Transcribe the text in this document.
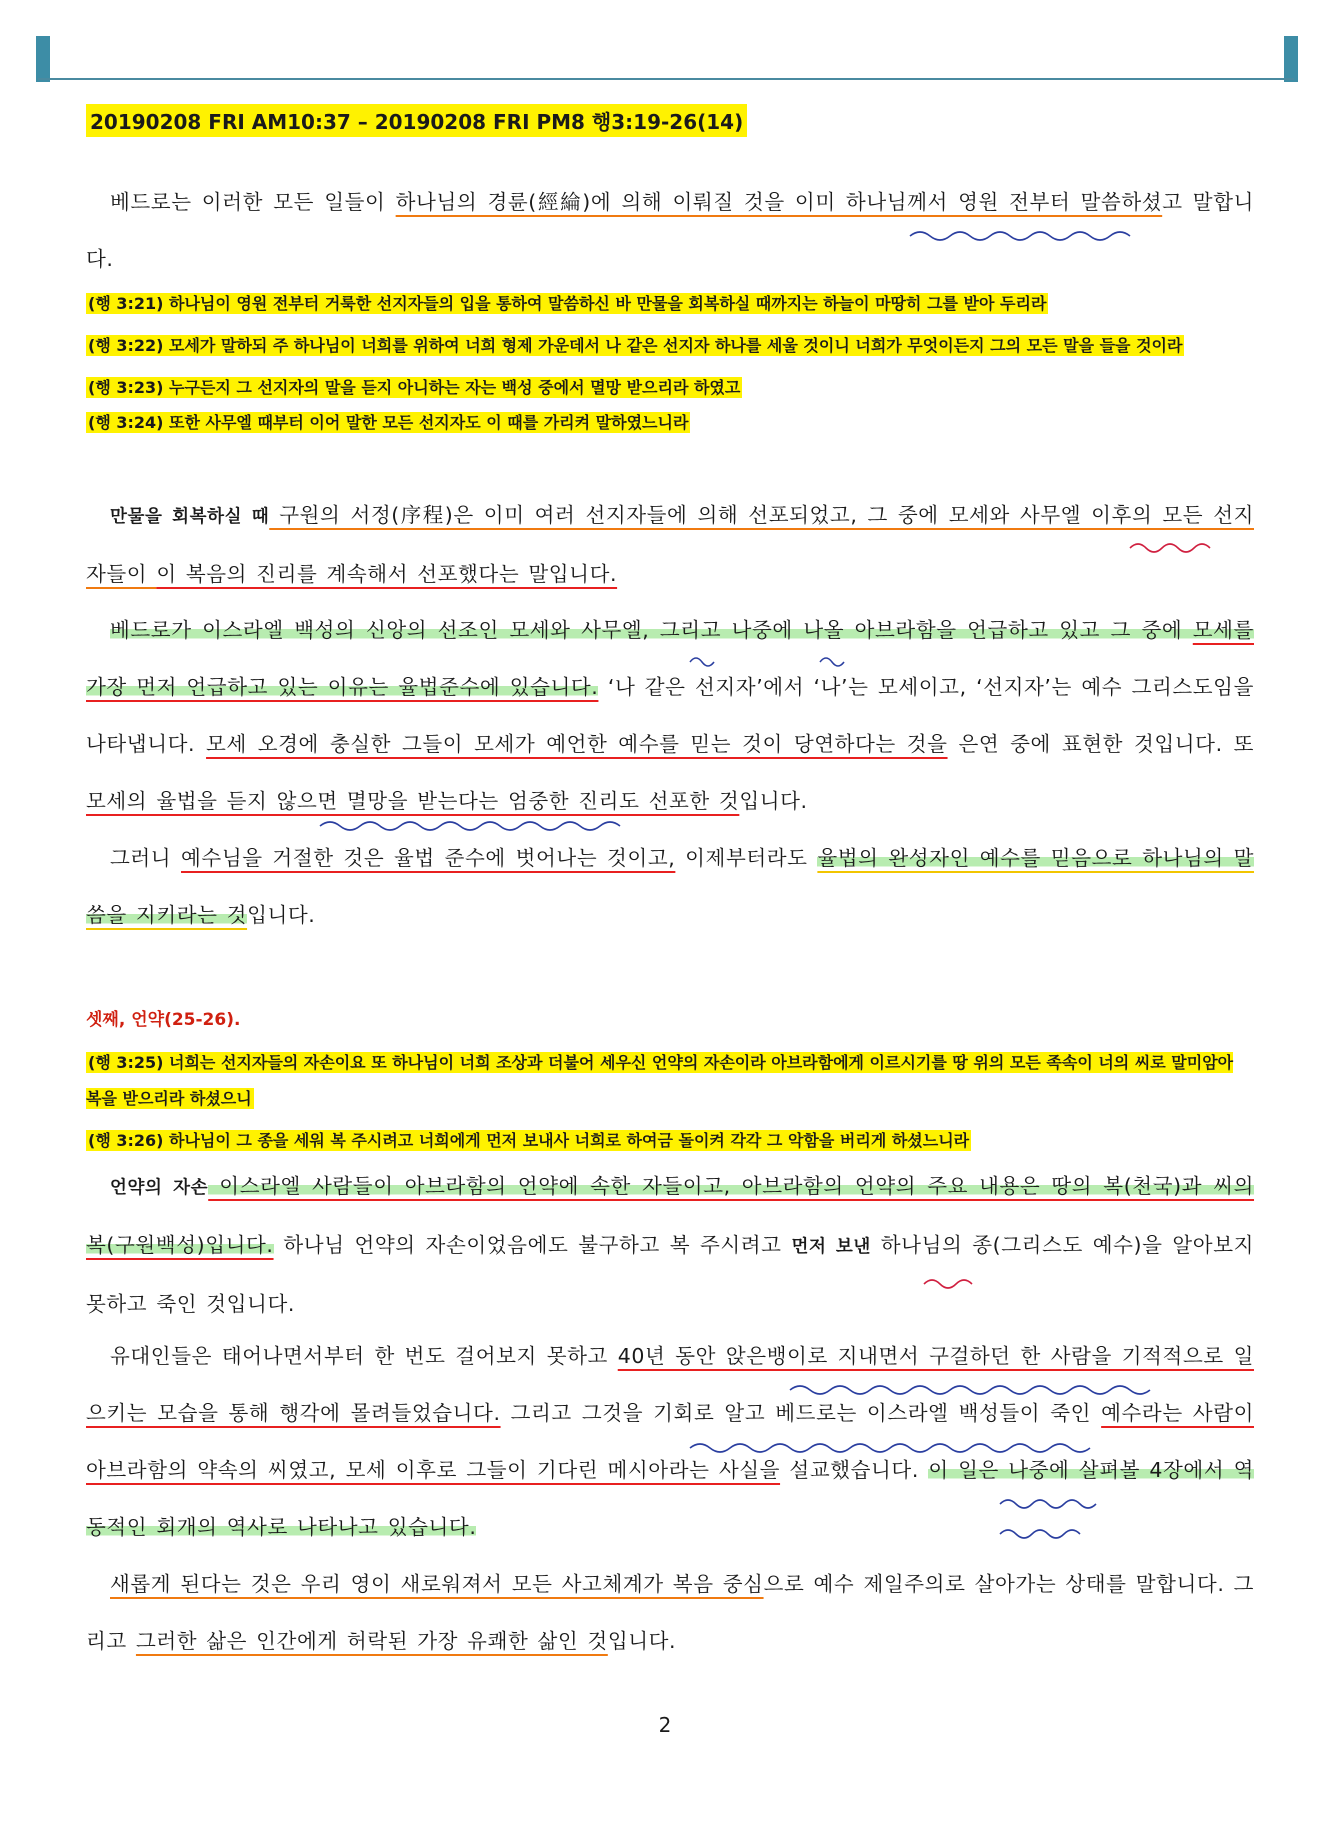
20190208 FRI AM10:37 – 20190208 FRI PM8 행3:19-26(14)
베드로는 이러한 모든 일들이 하나님의 경륜(經綸)에 의해 이뤄질 것을 이미 하나님께서 영원 전부터 말씀하셨고 말합니다.
(행 3:21) 하나님이 영원 전부터 거룩한 선지자들의 입을 통하여 말씀하신 바 만물을 회복하실 때까지는 하늘이 마땅히 그를 받아 두리라
(행 3:22) 모세가 말하되 주 하나님이 너희를 위하여 너희 형제 가운데서 나 같은 선지자 하나를 세울 것이니 너희가 무엇이든지 그의 모든 말을 들을 것이라
(행 3:23) 누구든지 그 선지자의 말을 듣지 아니하는 자는 백성 중에서 멸망 받으리라 하였고
(행 3:24) 또한 사무엘 때부터 이어 말한 모든 선지자도 이 때를 가리켜 말하였느니라
만물을 회복하실 때 구원의 서정(序程)은 이미 여러 선지자들에 의해 선포되었고, 그 중에 모세와 사무엘 이후의 모든 선지자들이 이 복음의 진리를 계속해서 선포했다는 말입니다.
베드로가 이스라엘 백성의 신앙의 선조인 모세와 사무엘, 그리고 나중에 나올 아브라함을 언급하고 있고 그 중에 모세를 가장 먼저 언급하고 있는 이유는 율법준수에 있습니다. ‘나 같은 선지자’에서 ‘나’는 모세이고, ‘선지자’는 예수 그리스도임을 나타냅니다. 모세 오경에 충실한 그들이 모세가 예언한 예수를 믿는 것이 당연하다는 것을 은연 중에 표현한 것입니다. 또 모세의 율법을 듣지 않으면 멸망을 받는다는 엄중한 진리도 선포한 것입니다.
그러니 예수님을 거절한 것은 율법 준수에 벗어나는 것이고, 이제부터라도 율법의 완성자인 예수를 믿음으로 하나님의 말씀을 지키라는 것입니다.
셋째, 언약(25-26).
(행 3:25) 너희는 선지자들의 자손이요 또 하나님이 너희 조상과 더불어 세우신 언약의 자손이라 아브라함에게 이르시기를 땅 위의 모든 족속이 너의 씨로 말미암아 복을 받으리라 하셨으니
(행 3:26) 하나님이 그 종을 세워 복 주시려고 너희에게 먼저 보내사 너희로 하여금 돌이켜 각각 그 악함을 버리게 하셨느니라
언약의 자손 이스라엘 사람들이 아브라함의 언약에 속한 자들이고, 아브라함의 언약의 주요 내용은 땅의 복(천국)과 씨의 복(구원백성)입니다. 하나님 언약의 자손이었음에도 불구하고 복 주시려고 먼저 보낸 하나님의 종(그리스도 예수)을 알아보지 못하고 죽인 것입니다.
유대인들은 태어나면서부터 한 번도 걸어보지 못하고 40년 동안 앉은뱅이로 지내면서 구걸하던 한 사람을 기적적으로 일으키는 모습을 통해 행각에 몰려들었습니다. 그리고 그것을 기회로 알고 베드로는 이스라엘 백성들이 죽인 예수라는 사람이 아브라함의 약속의 씨였고, 모세 이후로 그들이 기다린 메시아라는 사실을 설교했습니다. 이 일은 나중에 살펴볼 4장에서 역동적인 회개의 역사로 나타나고 있습니다.
새롭게 된다는 것은 우리 영이 새로워져서 모든 사고체계가 복음 중심으로 예수 제일주의로 살아가는 상태를 말합니다. 그리고 그러한 삶은 인간에게 허락된 가장 유쾌한 삶인 것입니다.
2
